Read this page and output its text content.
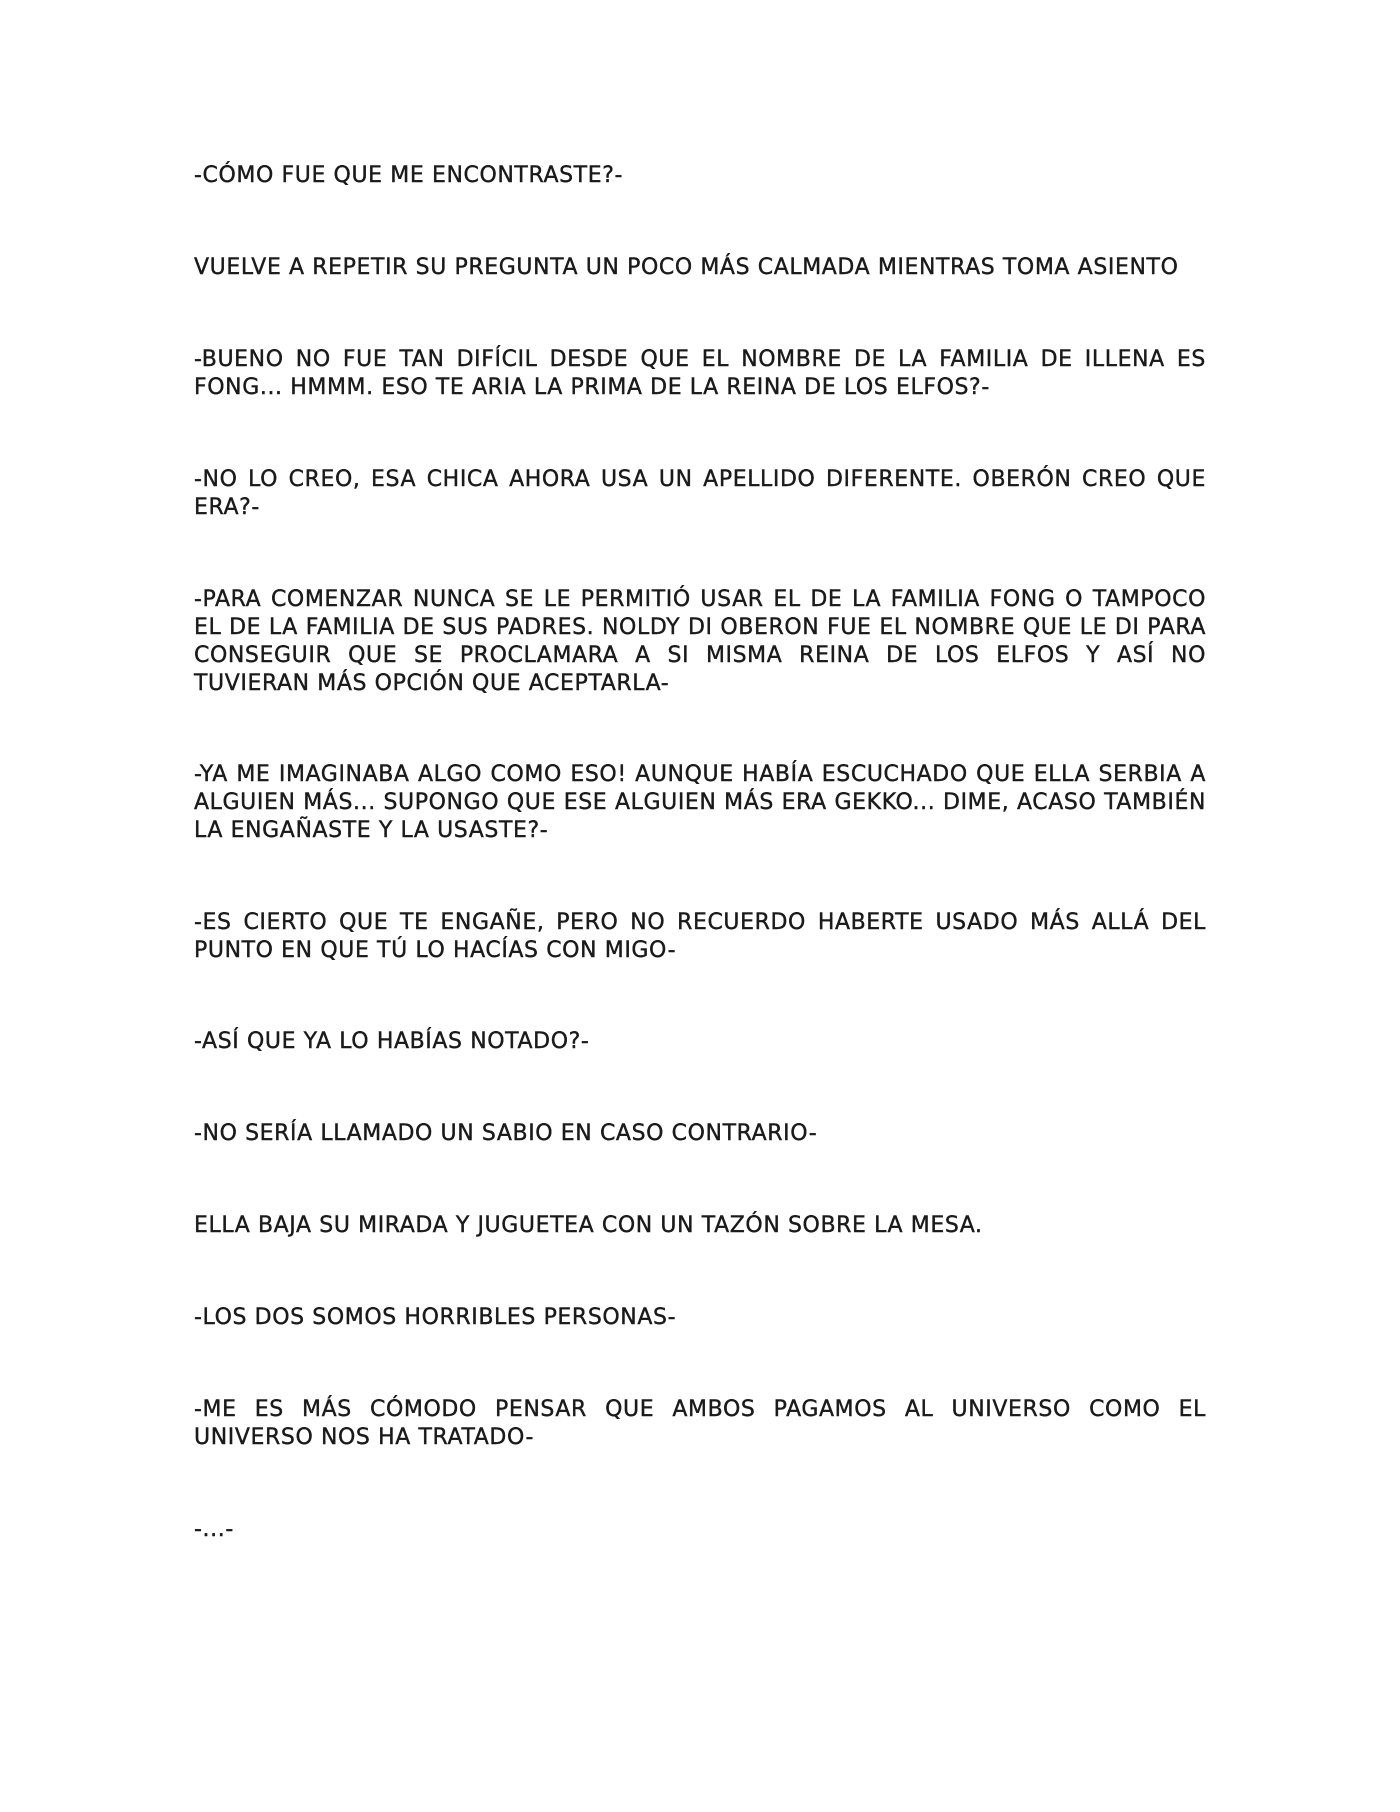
-CÓMO FUE QUE ME ENCONTRASTE?-

VUELVE A REPETIR SU PREGUNTA UN POCO MÁS CALMADA MIENTRAS TOMA ASIENTO

-BUENO NO FUE TAN DIFÍCIL DESDE QUE EL NOMBRE DE LA FAMILIA DE ILLENA ES FONG... HMMM. ESO TE ARIA LA PRIMA DE LA REINA DE LOS ELFOS?-

-NO LO CREO, ESA CHICA AHORA USA UN APELLIDO DIFERENTE. OBERÓN CREO QUE ERA?-

-PARA COMENZAR NUNCA SE LE PERMITIÓ USAR EL DE LA FAMILIA FONG O TAMPOCO EL DE LA FAMILIA DE SUS PADRES. NOLDY DI OBERON FUE EL NOMBRE QUE LE DI PARA CONSEGUIR QUE SE PROCLAMARA A SI MISMA REINA DE LOS ELFOS Y ASÍ NO TUVIERAN MÁS OPCIÓN QUE ACEPTARLA-

-YA ME IMAGINABA ALGO COMO ESO! AUNQUE HABÍA ESCUCHADO QUE ELLA SERBIA A ALGUIEN MÁS... SUPONGO QUE ESE ALGUIEN MÁS ERA GEKKO... DIME, ACASO TAMBIÉN LA ENGAÑASTE Y LA USASTE?-

-ES CIERTO QUE TE ENGAÑE, PERO NO RECUERDO HABERTE USADO MÁS ALLÁ DEL PUNTO EN QUE TÚ LO HACÍAS CON MIGO-

-ASÍ QUE YA LO HABÍAS NOTADO?-

-NO SERÍA LLAMADO UN SABIO EN CASO CONTRARIO-

ELLA BAJA SU MIRADA Y JUGUETEA CON UN TAZÓN SOBRE LA MESA.

-LOS DOS SOMOS HORRIBLES PERSONAS-

-ME ES MÁS CÓMODO PENSAR QUE AMBOS PAGAMOS AL UNIVERSO COMO EL UNIVERSO NOS HA TRATADO-

-...-
